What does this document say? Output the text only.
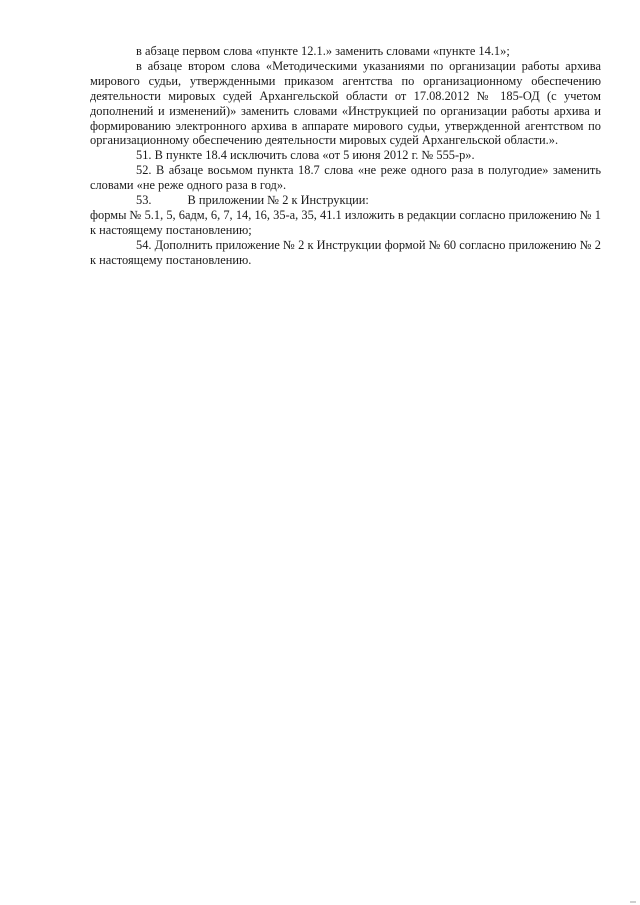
в абзаце первом слова «пункте 12.1.» заменить словами «пункте 14.1»;

в абзаце втором слова «Методическими указаниями по организации работы архива мирового судьи, утвержденными приказом агентства по организационному обеспечению деятельности мировых судей Архангельской области от 17.08.2012 № 185-ОД (с учетом дополнений и изменений)» заменить словами «Инструкцией по организации работы архива и формированию электронного архива в аппарате мирового судьи, утвержденной агентством по организационному обеспечению деятельности мировых судей Архангельской области.».

51. В пункте 18.4 исключить слова «от 5 июня 2012 г. № 555-р».

52. В абзаце восьмом пункта 18.7 слова «не реже одного раза в полугодие» заменить словами «не реже одного раза в год».

53.	В приложении № 2 к Инструкции:

формы № 5.1, 5, 6адм, 6, 7, 14, 16, 35-а, 35, 41.1 изложить в редакции согласно приложению № 1 к настоящему постановлению;

54. Дополнить приложение № 2 к Инструкции формой № 60 согласно приложению № 2 к настоящему постановлению.
